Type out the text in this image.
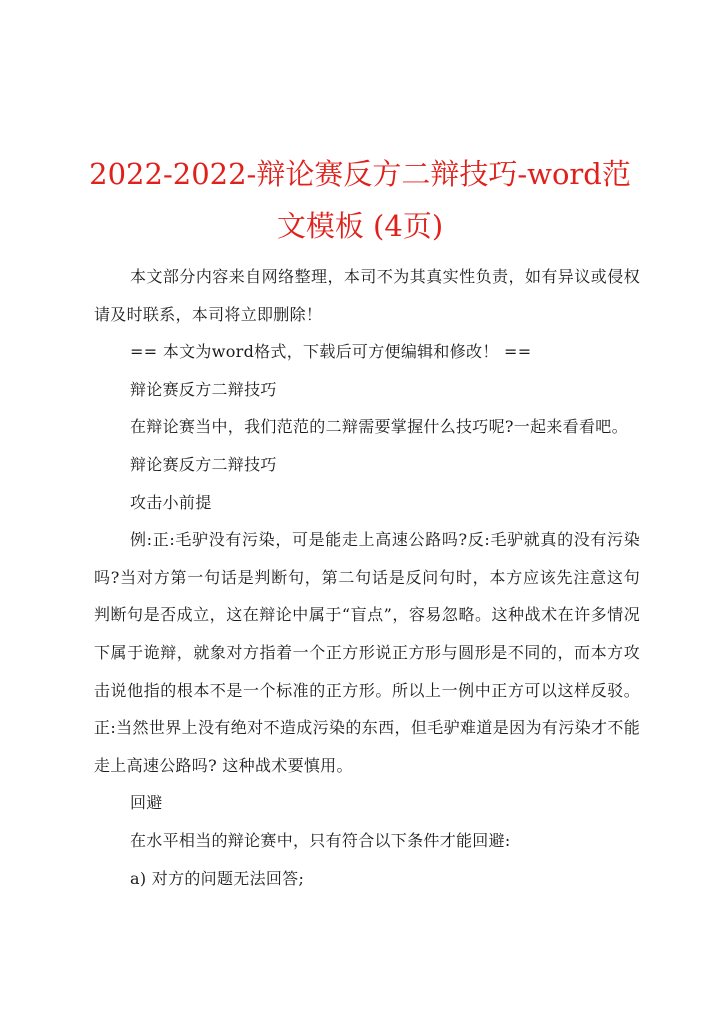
2022-2022-辩论赛反方二辩技巧-word范文模板 (4页)

本文部分内容来自网络整理，本司不为其真实性负责，如有异议或侵权请及时联系，本司将立即删除！

== 本文为word格式，下载后可方便编辑和修改！ ==

辩论赛反方二辩技巧

在辩论赛当中，我们范范的二辩需要掌握什么技巧呢?一起来看看吧。

辩论赛反方二辩技巧

攻击小前提

例:正:毛驴没有污染，可是能走上高速公路吗?反:毛驴就真的没有污染吗?当对方第一句话是判断句，第二句话是反问句时，本方应该先注意这句判断句是否成立，这在辩论中属于“盲点”，容易忽略。这种战术在许多情况下属于诡辩，就象对方指着一个正方形说正方形与圆形是不同的，而本方攻击说他指的根本不是一个标准的正方形。所以上一例中正方可以这样反驳。正:当然世界上没有绝对不造成污染的东西，但毛驴难道是因为有污染才不能走上高速公路吗? 这种战术要慎用。

回避

在水平相当的辩论赛中，只有符合以下条件才能回避:

a) 对方的问题无法回答;
